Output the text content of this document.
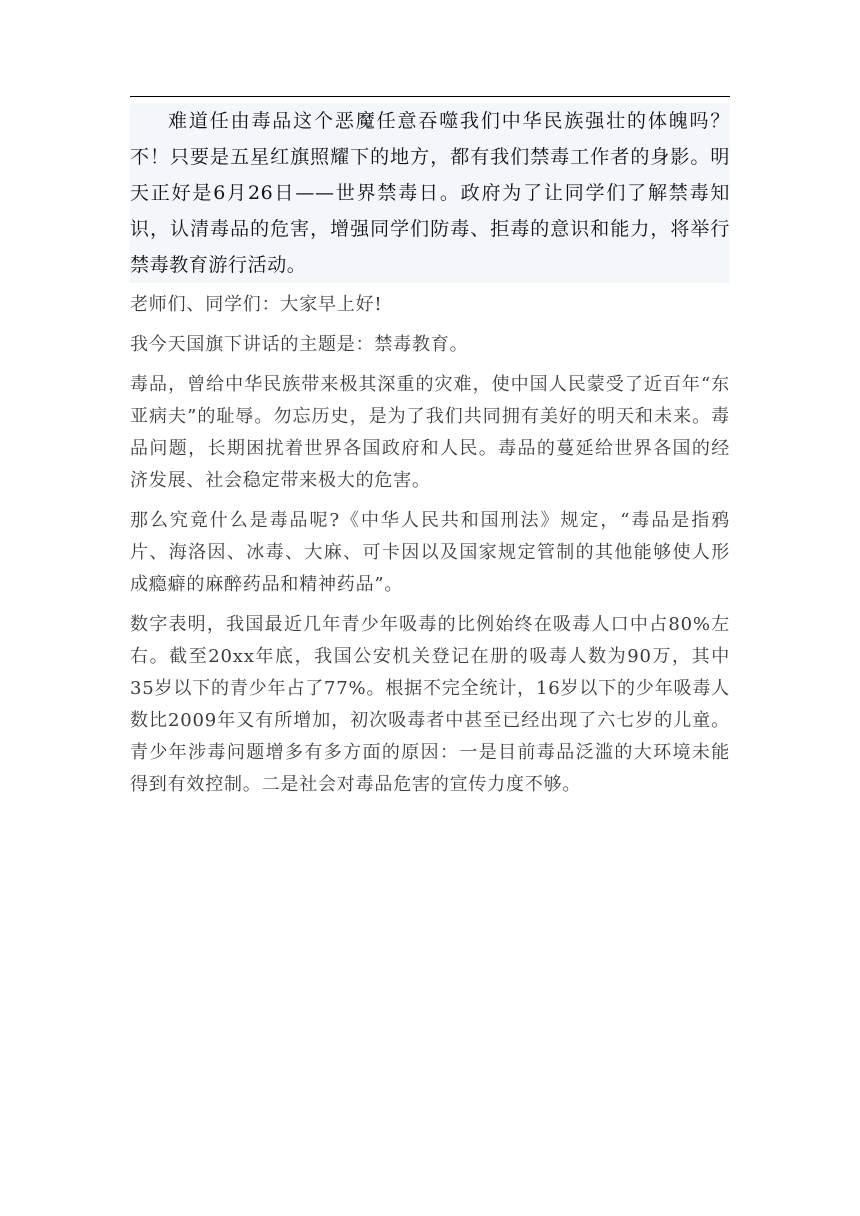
难道任由毒品这个恶魔任意吞噬我们中华民族强壮的体魄吗？不！只要是五星红旗照耀下的地方，都有我们禁毒工作者的身影。明天正好是6月26日——世界禁毒日。政府为了让同学们了解禁毒知识，认清毒品的危害，增强同学们防毒、拒毒的意识和能力，将举行禁毒教育游行活动。

老师们、同学们：大家早上好!

我今天国旗下讲话的主题是：禁毒教育。

毒品，曾给中华民族带来极其深重的灾难，使中国人民蒙受了近百年“东亚病夫”的耻辱。勿忘历史，是为了我们共同拥有美好的明天和未来。毒品问题，长期困扰着世界各国政府和人民。毒品的蔓延给世界各国的经济发展、社会稳定带来极大的危害。

那么究竟什么是毒品呢?《中华人民共和国刑法》规定，“毒品是指鸦片、海洛因、冰毒、大麻、可卡因以及国家规定管制的其他能够使人形成瘾癖的麻醉药品和精神药品”。

数字表明，我国最近几年青少年吸毒的比例始终在吸毒人口中占80%左右。截至20xx年底，我国公安机关登记在册的吸毒人数为90万，其中35岁以下的青少年占了77%。根据不完全统计，16岁以下的少年吸毒人数比2009年又有所增加，初次吸毒者中甚至已经出现了六七岁的儿童。 青少年涉毒问题增多有多方面的原因：一是目前毒品泛滥的大环境未能得到有效控制。二是社会对毒品危害的宣传力度不够。
